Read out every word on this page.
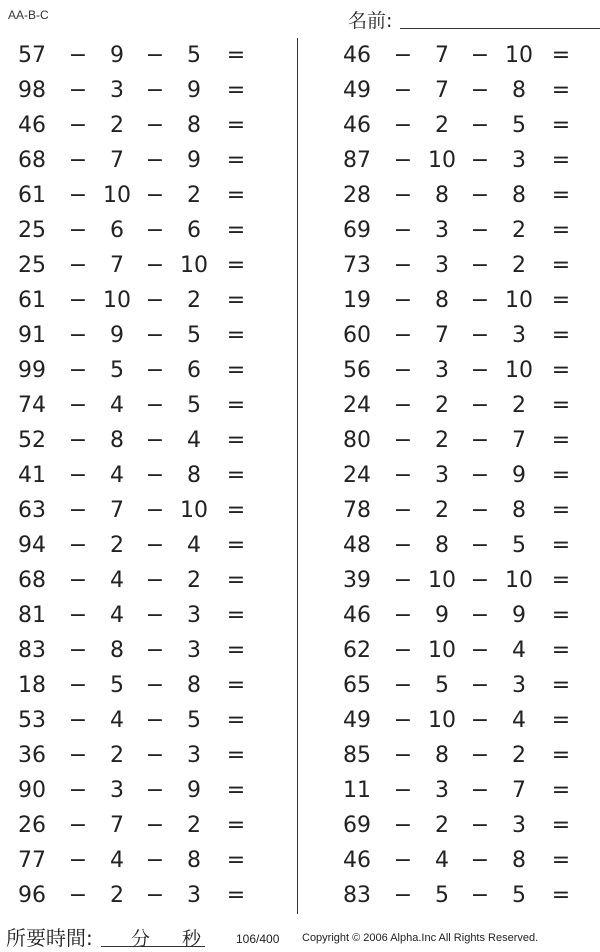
AA-B-C	名前:
57 −	9 −	5	=
98 −	3 −	9	=
46 −	2 −	8	=
68 −	7 −	9	=
61 − 10 −	2	=
25 −	6 −	6	=
25 −	7 − 10 =
61 − 10 −	2	=
91 −	9 −	5	=
99 −	5 −	6	=
74 −	4 −	5	=
52 −	8 −	4	=
41 −	4 −	8	=
63 −	7 − 10 =
94 −	2 −	4	=
68 −	4 −	2	=
81 −	4 −	3	=
83 −	8 −	3	=
18 −	5 −	8	=
53 −	4 −	5	=
36 −	2 −	3	=
90 −	3 −	9	=
26 −	7 −	2	=
77 −	4 −	8	=
96 −	2 −	3	=
46 −	7 − 10 =
49 −	7 −	8	=
46 −	2 −	5	=
87 − 10 −	3	=
28 −	8 −	8	=
69 −	3 −	2	=
73 −	3 −	2	=
19 −	8 − 10 =
60 −	7 −	3	=
56 −	3 − 10 =
24 −	2 −	2	=
80 −	2 −	7	=
24 −	3 −	9	=
78 −	2 −	8	=
48 −	8 −	5	=
39 − 10 − 10 =
46 −	9 −	9	=
62 − 10 −	4	=
65 −	5 −	3	=
49 − 10 −	4	=
85 −	8 −	2	=
11 −	3 −	7	=
69 −	2 −	3	=
46 −	4 −	8	=
83 −	5 −	5	=
所要時間: 分 秒	106/400 Copyright © 2006 Alpha.Inc All Rights Reserved.
